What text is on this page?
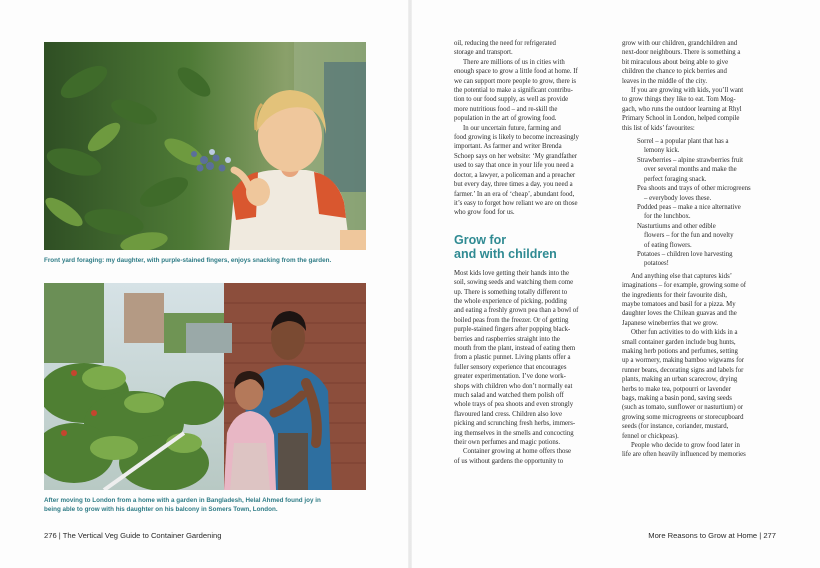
Front yard foraging: my daughter, with purple-stained fingers, enjoys snacking from the garden.
After moving to London from a home with a garden in Bangladesh, Helal Ahmed found joy in
being able to grow with his daughter on his balcony in Somers Town, London.
276 | The Vertical Veg Guide to Container Gardening
oil, reducing the need for refrigerated
storage and transport.
There are millions of us in cities with
enough space to grow a little food at home. If
we can support more people to grow, there is
the potential to make a significant contribu-
tion to our food supply, as well as provide
more nutritious food – and re-skill the
population in the art of growing food.
In our uncertain future, farming and
food growing is likely to become increasingly
important. As farmer and writer Brenda
Schoep says on her website: ‘My grandfather
used to say that once in your life you need a
doctor, a lawyer, a policeman and a preacher
but every day, three times a day, you need a
farmer.’ In an era of ‘cheap’, abundant food,
it’s easy to forget how reliant we are on those
who grow food for us.
Grow for
and with children
Most kids love getting their hands into the
soil, sowing seeds and watching them come
up. There is something totally different to
the whole experience of picking, podding
and eating a freshly grown pea than a bowl of
boiled peas from the freezer. Or of getting
purple-stained fingers after popping black-
berries and raspberries straight into the
mouth from the plant, instead of eating them
from a plastic punnet. Living plants offer a
fuller sensory experience that encourages
greater experimentation. I’ve done work-
shops with children who don’t normally eat
much salad and watched them polish off
whole trays of pea shoots and even strongly
flavoured land cress. Children also love
picking and scrunching fresh herbs, immers-
ing themselves in the smells and concocting
their own perfumes and magic potions.
Container growing at home offers those
of us without gardens the opportunity to
grow with our children, grandchildren and
next-door neighbours. There is something a
bit miraculous about being able to give
children the chance to pick berries and
leaves in the middle of the city.
If you are growing with kids, you’ll want
to grow things they like to eat. Tom Mog-
gach, who runs the outdoor learning at Rhyl
Primary School in London, helped compile
this list of kids’ favourites:
Sorrel – a popular plant that has a
lemony kick.
Strawberries – alpine strawberries fruit
over several months and make the
perfect foraging snack.
Pea shoots and trays of other microgreens
– everybody loves these.
Podded peas – make a nice alternative
for the lunchbox.
Nasturtiums and other edible
flowers – for the fun and novelty
of eating flowers.
Potatoes – children love harvesting
potatoes!
And anything else that captures kids’
imaginations – for example, growing some of
the ingredients for their favourite dish,
maybe tomatoes and basil for a pizza. My
daughter loves the Chilean guavas and the
Japanese wineberries that we grow.
Other fun activities to do with kids in a
small container garden include bug hunts,
making herb potions and perfumes, setting
up a wormery, making bamboo wigwams for
runner beans, decorating signs and labels for
plants, making an urban scarecrow, drying
herbs to make tea, potpourri or lavender
bags, making a basin pond, saving seeds
(such as tomato, sunflower or nasturtium) or
growing some microgreens or storecupboard
seeds (for instance, coriander, mustard,
fennel or chickpeas).
People who decide to grow food later in
life are often heavily influenced by memories
More Reasons to Grow at Home | 277
